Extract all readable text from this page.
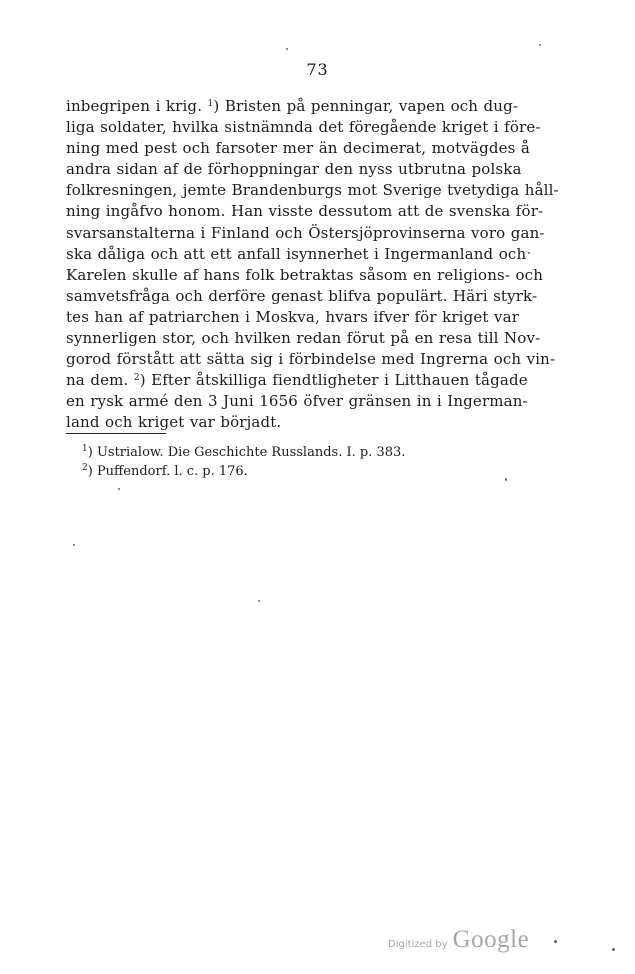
73
inbegripen i krig. $^1$) Bristen på penningar, vapen och dug-
liga soldater, hvilka sistnämnda det föregående kriget i före-
ning med pest och farsoter mer än decimerat, motvägdes å
andra sidan af de förhoppningar den nyss utbrutna polska
folkresningen, jemte Brandenburgs mot Sverige tvetydiga håll-
ning ingåfvo honom. Han visste dessutom att de svenska för-
svarsanstalterna i Finland och Östersjöprovinserna voro gan-
ska dåliga och att ett anfall isynnerhet i Ingermanland och
Karelen skulle af hans folk betraktas såsom en religions- och
samvetsfråga och derföre genast blifva populärt. Häri styrk-
tes han af patriarchen i Moskva, hvars ifver för kriget var
synnerligen stor, och hvilken redan förut på en resa till Nov-
gorod förstått att sätta sig i förbindelse med Ingrerna och vin-
na dem. $^2$) Efter åtskilliga fiendtligheter i Litthauen tågade
en rysk armé den 3 Juni 1656 öfver gränsen in i Ingerman-
land och kriget var börjadt.
$^1$) Ustrialow. Die Geschichte Russlands. I. p. 383.
$^2$) Puffendorf. l. c. p. 176.
Digitized by Google
